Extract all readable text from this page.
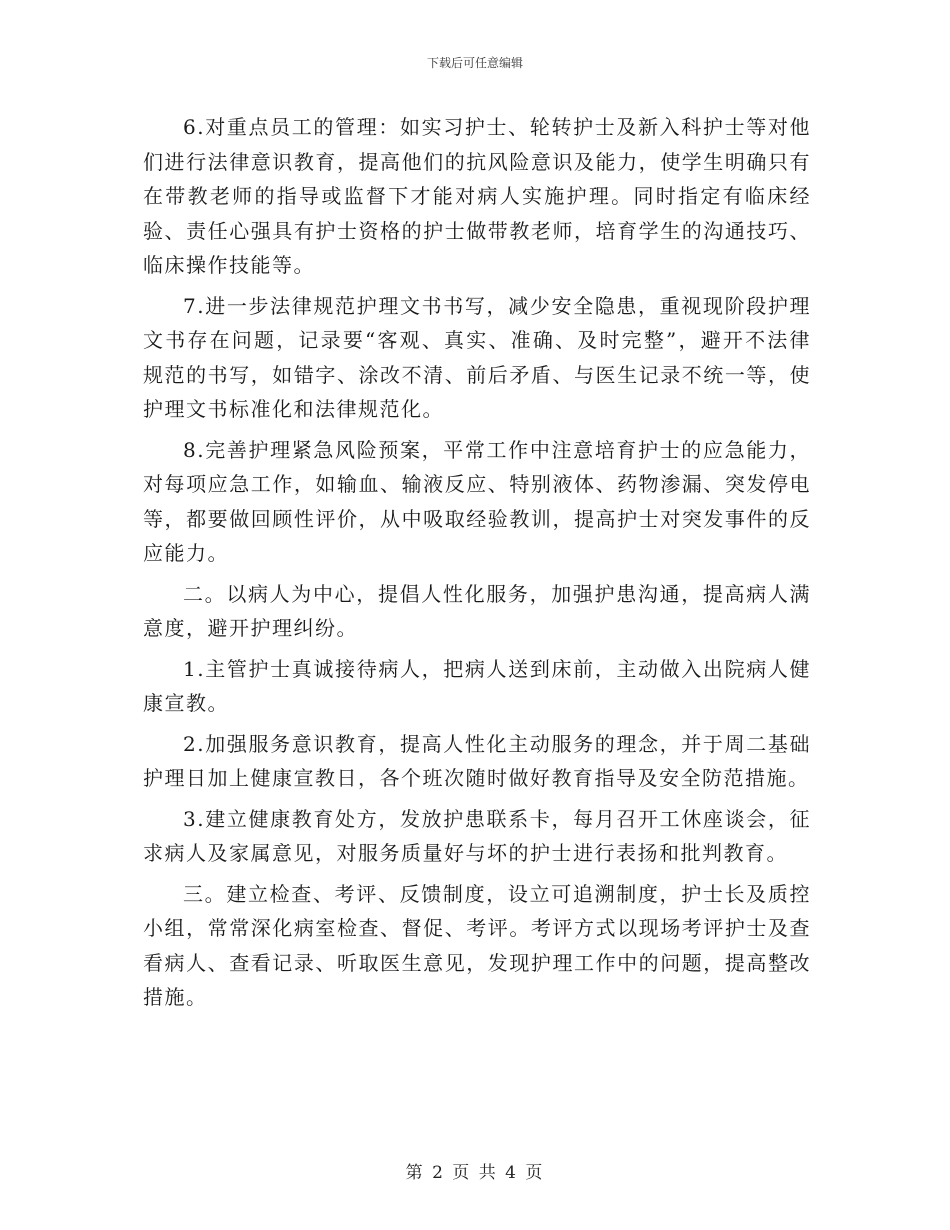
下载后可任意编辑

6.对重点员工的管理：如实习护士、轮转护士及新入科护士等对他们进行法律意识教育，提高他们的抗风险意识及能力，使学生明确只有在带教老师的指导或监督下才能对病人实施护理。同时指定有临床经验、责任心强具有护士资格的护士做带教老师，培育学生的沟通技巧、临床操作技能等。

7.进一步法律规范护理文书书写，减少安全隐患，重视现阶段护理文书存在问题，记录要“客观、真实、准确、及时完整”，避开不法律规范的书写，如错字、涂改不清、前后矛盾、与医生记录不统一等，使护理文书标准化和法律规范化。

8.完善护理紧急风险预案，平常工作中注意培育护士的应急能力，对每项应急工作，如输血、输液反应、特别液体、药物渗漏、突发停电等，都要做回顾性评价，从中吸取经验教训，提高护士对突发事件的反应能力。

二。以病人为中心，提倡人性化服务，加强护患沟通，提高病人满意度，避开护理纠纷。

1.主管护士真诚接待病人，把病人送到床前，主动做入出院病人健康宣教。

2.加强服务意识教育，提高人性化主动服务的理念，并于周二基础护理日加上健康宣教日，各个班次随时做好教育指导及安全防范措施。

3.建立健康教育处方，发放护患联系卡，每月召开工休座谈会，征求病人及家属意见，对服务质量好与坏的护士进行表扬和批判教育。

三。建立检查、考评、反馈制度，设立可追溯制度，护士长及质控小组，常常深化病室检查、督促、考评。考评方式以现场考评护士及查看病人、查看记录、听取医生意见，发现护理工作中的问题，提高整改措施。

第 2 页 共 4 页
